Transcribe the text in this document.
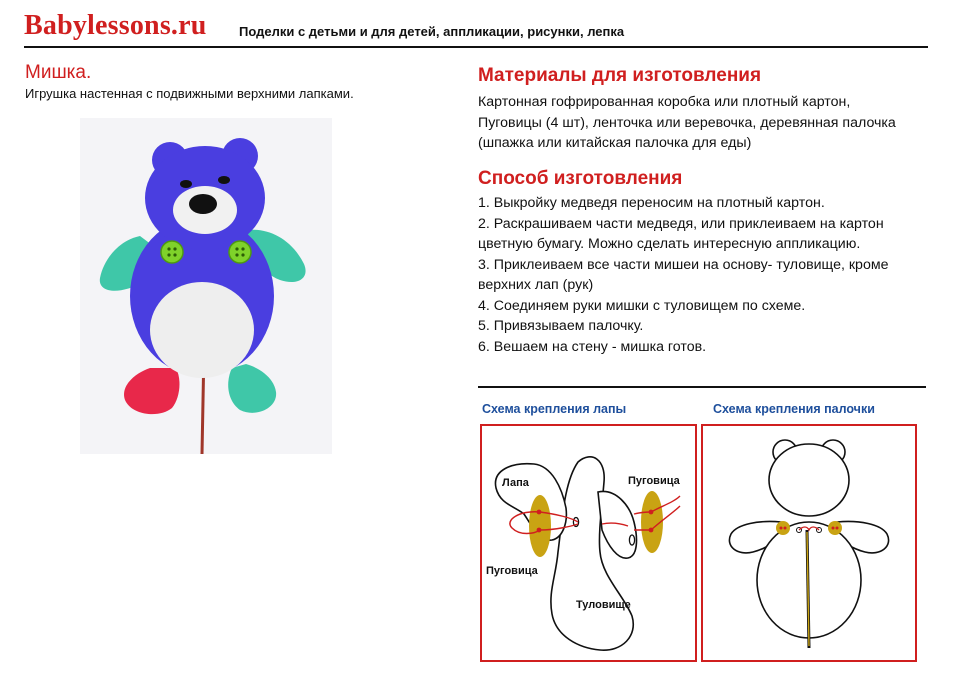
Babylessons.ru Поделки с детьми и для детей, аппликации, рисунки, лепка
Мишка.
Игрушка настенная с подвижными верхними лапками.
Материалы для изготовления
Картонная гофрированная коробка или плотный картон, Пуговицы (4 шт), ленточка или веревочка, деревянная палочка (шпажка или китайская палочка для еды)
Способ изготовления
1. Выкройку медведя переносим на плотный картон.
2. Раскрашиваем части медведя, или приклеиваем на картон цветную бумагу. Можно сделать интересную аппликацию.
3. Приклеиваем все части мишеи на основу- туловище, кроме верхних лап (рук)
4. Соединяем руки мишки с туловищем по схеме.
5. Привязываем палочку.
6. Вешаем на стену - мишка готов.
Схема крепления лапы	Схема крепления палочки
Лапа	Пуговица
Пуговица
Туловище
